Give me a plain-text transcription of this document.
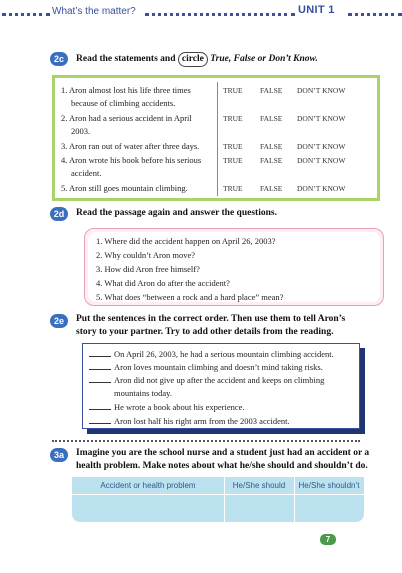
What’s the matter?	UNIT 1
2c	Read the statements and circle True, False or Don’t Know.
1. Aron almost lost his life three times
because of climbing accidents.
TRUE FALSE DON’T KNOW
2. Aron had a serious accident in April
2003.
TRUE FALSE DON’T KNOW
3. Aron ran out of water after three days.	TRUE FALSE DON’T KNOW
4. Aron wrote his book before his serious
accident.
TRUE FALSE DON’T KNOW
5. Aron still goes mountain climbing.	TRUE FALSE DON’T KNOW
2d	Read the passage again and answer the questions.
1. Where did the accident happen on April 26, 2003?
2. Why couldn’t Aron move?
3. How did Aron free himself?
4. What did Aron do after the accident?
5. What does “between a rock and a hard place” mean?
2e	Put the sentences in the correct order. Then use them to tell Aron’s
story to your partner. Try to add other details from the reading.
On April 26, 2003, he had a serious mountain climbing accident.
Aron loves mountain climbing and doesn’t mind taking risks.
Aron did not give up after the accident and keeps on climbing
mountains today.
He wrote a book about his experience.
Aron lost half his right arm from the 2003 accident.
3a	Imagine you are the school nurse and a student just had an accident or a
health problem. Make notes about what he/she should and shouldn’t do.
Accident or health problem	He/She should	He/She shouldn’t
7
